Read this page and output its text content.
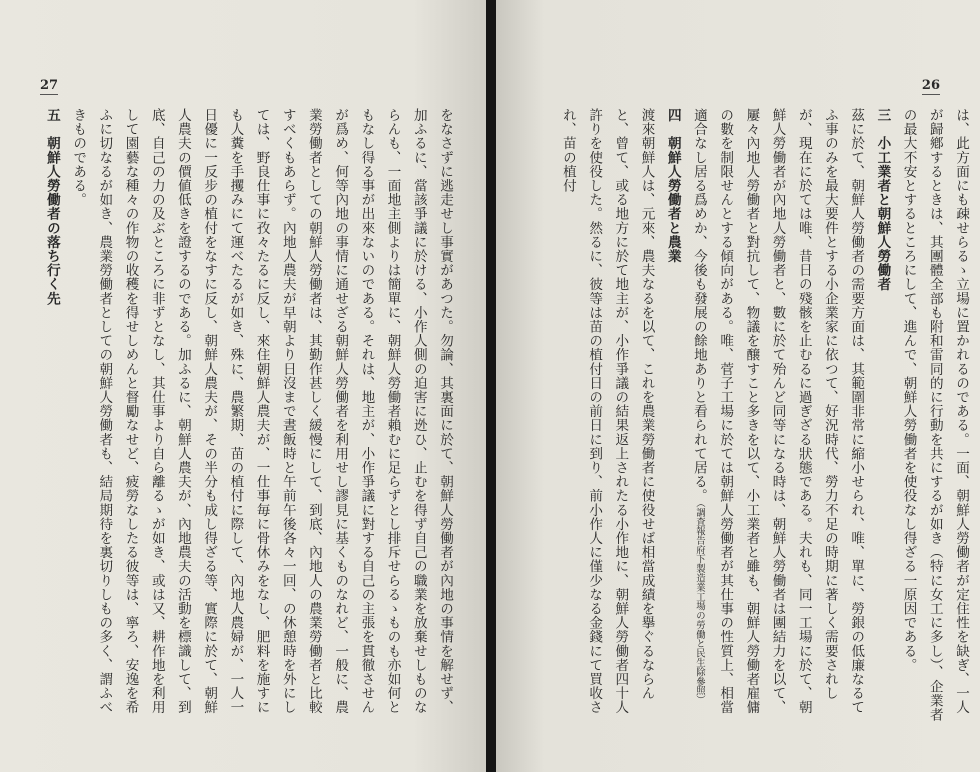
27

をなさずに逃走せし事實があつた。勿論、其裏面に於て、朝鮮人勞働者が內地の事情を解せず、加ふるに、當該爭議に於ける、小作人側の迫害に迯ひ、止むを得ず自己の職業を放棄せしものならんも、一面地主側よりは簡單に、朝鮮人勞働者賴むに足らずとし排斥せらるゝものも亦如何ともなし得る事が出來ないのである。それは、地主が、小作爭議に對する自己の主張を貫徹させんが爲め、何等內地の事情に通せざる朝鮮人勞働者を利用せし謬見に基くものなれど、一般に、農業勞働者としての朝鮮人勞働者は、其勤作甚しく緩慢にして、到底、內地人の農業勞働者と比較すべくもあらず。內地人農夫が早朝より日沒まで晝飯時と午前午後各々一回、の休憩時を外にしては、野良仕事に孜々たるに反し、來住朝鮮人農夫が、一仕事毎に骨休みをなし、肥料を施すにも人糞を手攫みにて運べたるが如き、殊に、農繁期、苗の植付に際して、內地人農婦が、一人一日優に一反步の植付をなすに反し、朝鮮人農夫が、その半分も成し得ざる等、實際に於て、朝鮮人農夫の價値低きを證するのである。加ふるに、朝鮮人農夫が、內地農夫の活動を標識して、到底、自己の力の及ぶところに非ずとなし、其仕事より自ら離るゝが如き、或は又、耕作地を利用して園藝な種々の作物の收穫を得せしめんと督勵なせど、疲勞なしたる彼等は、寧ろ、安逸を希ふに切なるが如き、農業勞働者としての朝鮮人勞働者も、結局期待を裏切りしもの多く、謂ふべきものである。

五　朝鮮人勞働者の落ち行く先

26

は、此方面にも疎せらるゝ立場に置かれるのである。一面、朝鮮人勞働者が定住性を缺ぎ、一人が歸鄕するときは、其團體全部も附和雷同的に行動を共にするが如き（特に女工に多し）、企業者の最大不安とするところにして、進んで、朝鮮人勞働者を使役なし得ざる一原因である。

三　小工業者と朝鮮人勞働者

茲に於て、朝鮮人勞働者の需要方面は、其範圍非常に縮小せられ、唯、單に、勞銀の低廉なるてふ事のみを最大要件とする小企業家に依つて、好況時代、勞力不足の時期に著しく需要されしが、現在に於ては唯、昔日の殘骸を止むるに過ぎざる狀態である。夫れも、同一工場に於て、朝鮮人勞働者が內地人勞働者と、數に於て殆んど同等になる時は、朝鮮人勞働者は團結力を以て、屢々內地人勞働者と對抗して、物議を醸すこと多きを以て、小工業者と雖も、朝鮮人勞働者雇傭の數を制限せんとする傾向がある。唯、菅子工場に於ては朝鮮人勞働者が其仕事の性質上、相當適合なし居る爲めか、今後も發展の餘地ありと看られて居る。（調査報告府下製造業工場の勞働と民生除參照）

四　朝鮮人勞働者と農業

渡來朝鮮人は、元來、農夫なるを以て、これを農業勞働者に使役せば相當成績を擧ぐるならんと、曾て、或る地方に於て地主が、小作爭議の結果返上されたる小作地に、朝鮮人勞働者四十人許りを使役した。然るに、彼等は苗の植付日の前日に到り、前小作人に僅少なる金錢にて買收され、苗の植付
